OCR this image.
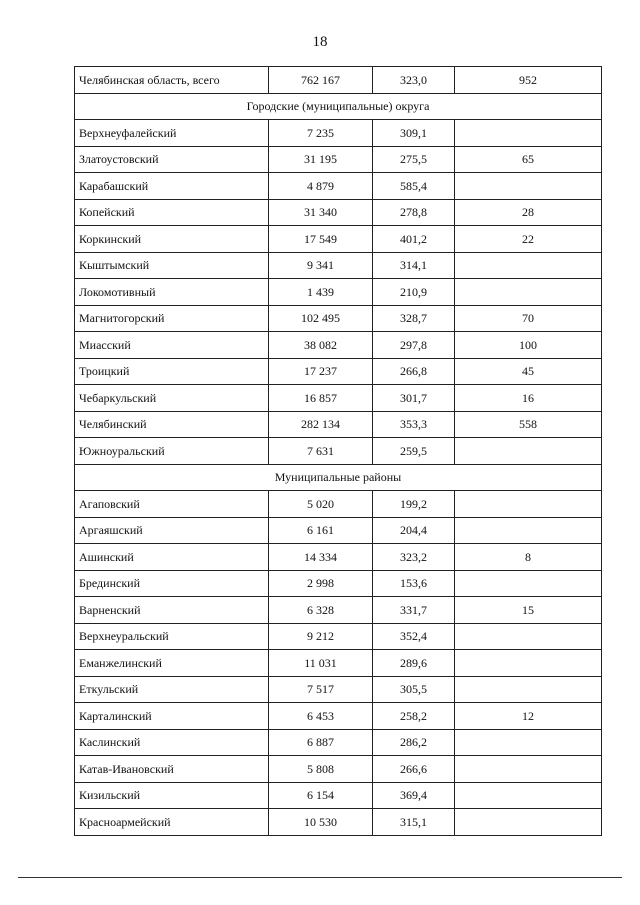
18
Челябинская область, всего	762 167	323,0	952
Городские (муниципальные) округа			
Верхнеуфалейский	7 235	309,1	
Златоустовский	31 195	275,5	65
Карабашский	4 879	585,4	
Копейский	31 340	278,8	28
Коркинский	17 549	401,2	22
Кыштымский	9 341	314,1	
Локомотивный	1 439	210,9	
Магнитогорский	102 495	328,7	70
Миасский	38 082	297,8	100
Троицкий	17 237	266,8	45
Чебаркульский	16 857	301,7	16
Челябинский	282 134	353,3	558
Южноуральский	7 631	259,5	
Муниципальные районы			
Агаповский	5 020	199,2	
Аргаяшский	6 161	204,4	
Ашинский	14 334	323,2	8
Брединский	2 998	153,6	
Варненский	6 328	331,7	15
Верхнеуральский	9 212	352,4	
Еманжелинский	11 031	289,6	
Еткульский	7 517	305,5	
Карталинский	6 453	258,2	12
Каслинский	6 887	286,2	
Катав-Ивановский	5 808	266,6	
Кизильский	6 154	369,4	
Красноармейский	10 530	315,1	
